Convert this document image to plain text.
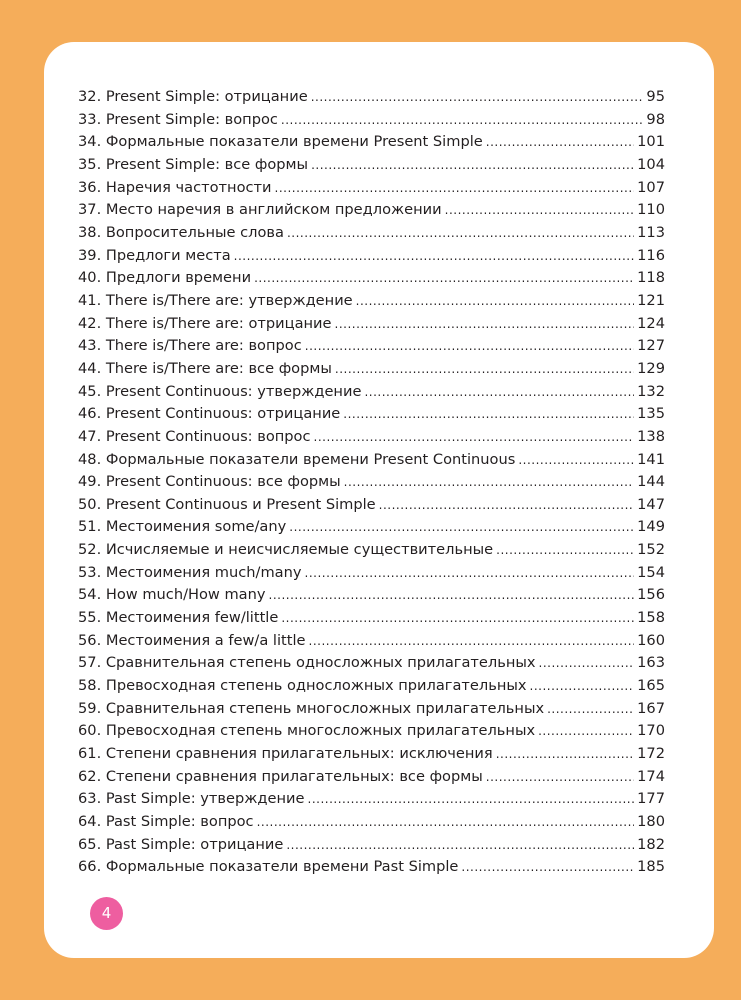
32. Present Simple: отрицание .....	95
33. Present Simple: вопрос .....	98
34. Формальные показатели времени Present Simple .....	101
35. Present Simple: все формы .....	104
36. Наречия частотности .....	107
37. Место наречия в английском предложении .....	110
38. Вопросительные слова .....	113
39. Предлоги места .....	116
40. Предлоги времени .....	118
41. There is/There are: утверждение .....	121
42. There is/There are: отрицание .....	124
43. There is/There are: вопрос .....	127
44. There is/There are: все формы .....	129
45. Present Continuous: утверждение .....	132
46. Present Continuous: отрицание .....	135
47. Present Continuous: вопрос .....	138
48. Формальные показатели времени Present Continuous .....	141
49. Present Continuous: все формы .....	144
50. Present Continuous и Present Simple .....	147
51. Местоимения some/any .....	149
52. Исчисляемые и неисчисляемые существительные .....	152
53. Местоимения much/many .....	154
54. How much/How many .....	156
55. Местоимения few/little .....	158
56. Местоимения a few/a little .....	160
57. Сравнительная степень односложных прилагательных .....	163
58. Превосходная степень односложных прилагательных .....	165
59. Сравнительная степень многосложных прилагательных .....	167
60. Превосходная степень многосложных прилагательных .....	170
61. Степени сравнения прилагательных: исключения .....	172
62. Степени сравнения прилагательных: все формы .....	174
63. Past Simple: утверждение .....	177
64. Past Simple: вопрос .....	180
65. Past Simple: отрицание .....	182
66. Формальные показатели времени Past Simple .....	185
4
